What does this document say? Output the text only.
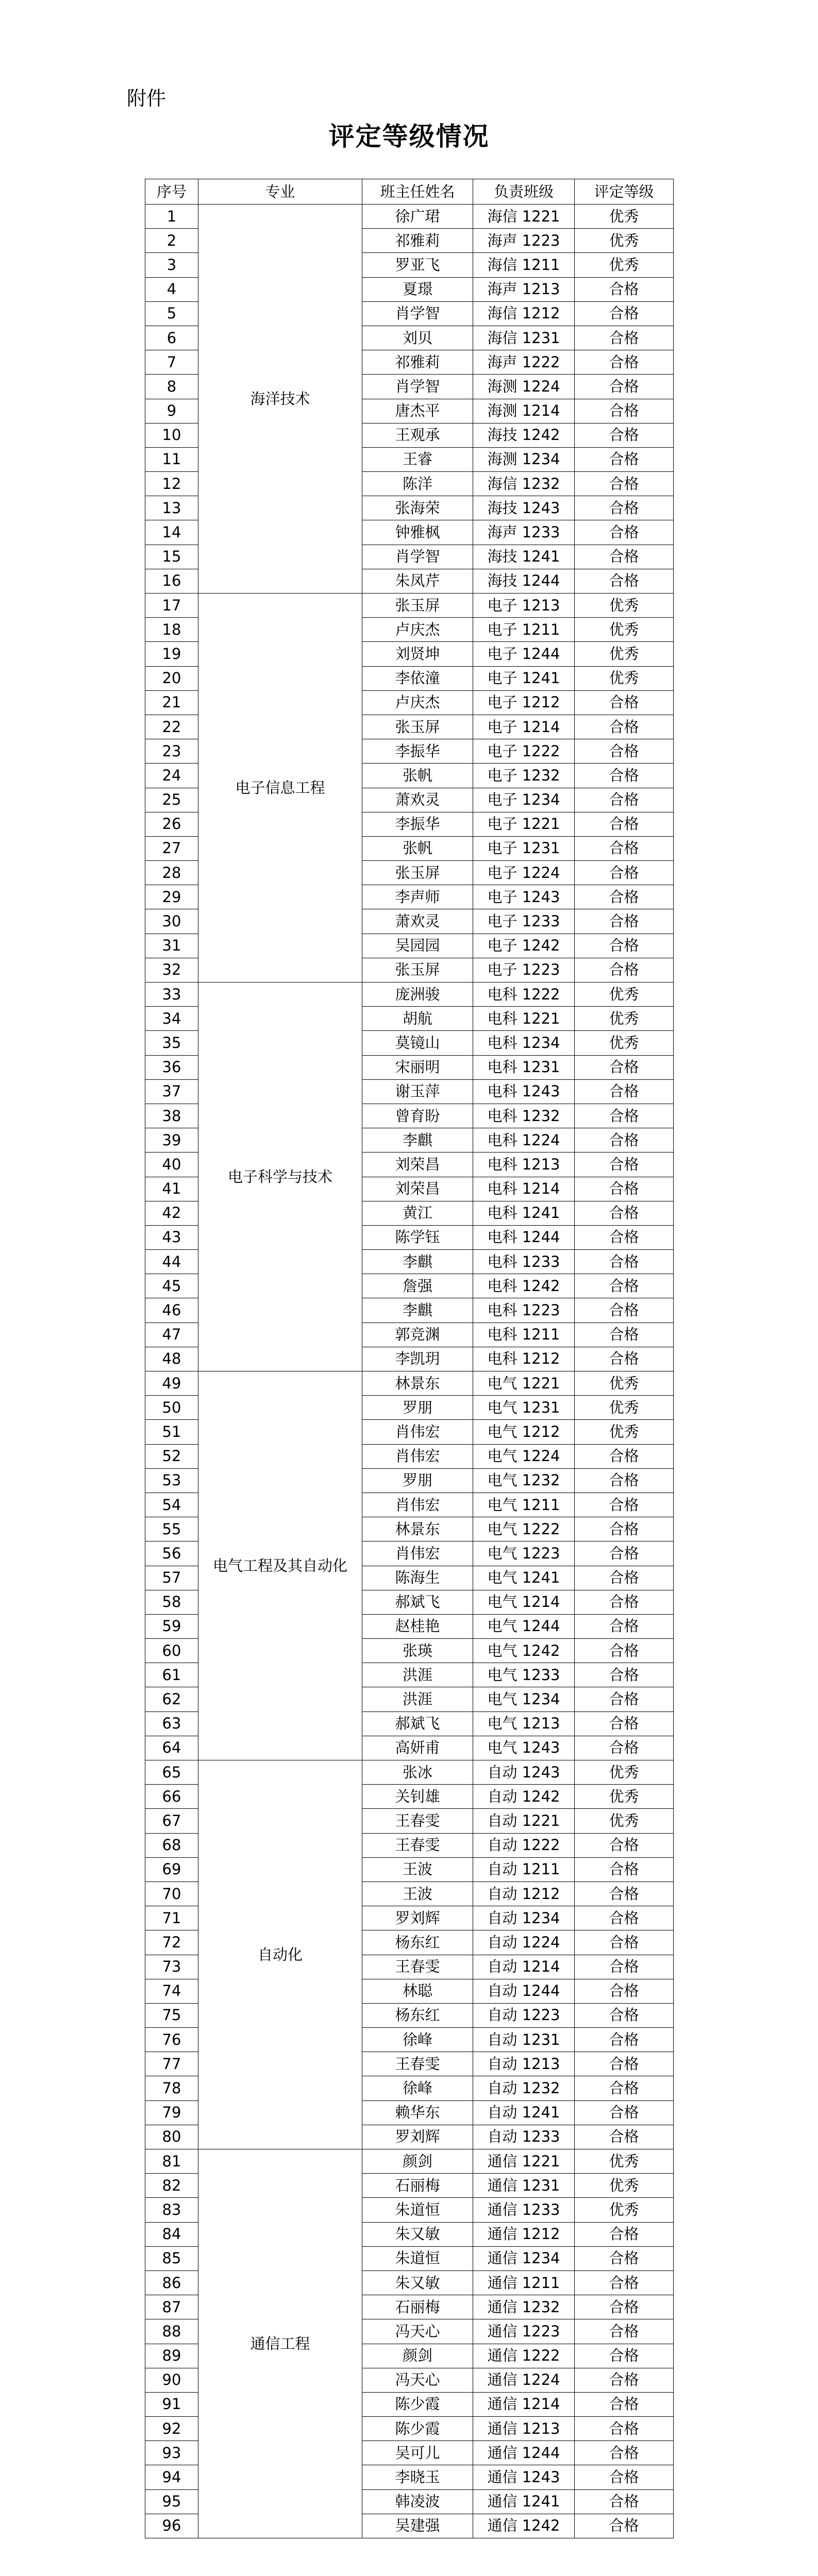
附件
评定等级情况
序号	专业	班主任姓名	负责班级	评定等级
1	海洋技术	徐广珺	海信 1221	优秀
2		祁雅莉	海声 1223	优秀
3		罗亚飞	海信 1211	优秀
4		夏璟	海声 1213	合格
5		肖学智	海信 1212	合格
6		刘贝	海信 1231	合格
7		祁雅莉	海声 1222	合格
8		肖学智	海测 1224	合格
9		唐杰平	海测 1214	合格
10		王观承	海技 1242	合格
11		王睿	海测 1234	合格
12		陈洋	海信 1232	合格
13		张海荣	海技 1243	合格
14		钟雅枫	海声 1233	合格
15		肖学智	海技 1241	合格
16		朱凤芹	海技 1244	合格
17	电子信息工程	张玉屏	电子 1213	优秀
18		卢庆杰	电子 1211	优秀
19		刘贤坤	电子 1244	优秀
20		李依潼	电子 1241	优秀
21		卢庆杰	电子 1212	合格
22		张玉屏	电子 1214	合格
23		李振华	电子 1222	合格
24		张帆	电子 1232	合格
25		萧欢灵	电子 1234	合格
26		李振华	电子 1221	合格
27		张帆	电子 1231	合格
28		张玉屏	电子 1224	合格
29		李声师	电子 1243	合格
30		萧欢灵	电子 1233	合格
31		吴园园	电子 1242	合格
32		张玉屏	电子 1223	合格
33	电子科学与技术	庞洲骏	电科 1222	优秀
34		胡航	电科 1221	优秀
35		莫镜山	电科 1234	优秀
36		宋丽明	电科 1231	合格
37		谢玉萍	电科 1243	合格
38		曾育盼	电科 1232	合格
39		李麒	电科 1224	合格
40		刘荣昌	电科 1213	合格
41		刘荣昌	电科 1214	合格
42		黄江	电科 1241	合格
43		陈学钰	电科 1244	合格
44		李麒	电科 1233	合格
45		詹强	电科 1242	合格
46		李麒	电科 1223	合格
47		郭竞渊	电科 1211	合格
48		李凯玥	电科 1212	合格
49	电气工程及其自动化	林景东	电气 1221	优秀
50		罗朋	电气 1231	优秀
51		肖伟宏	电气 1212	优秀
52		肖伟宏	电气 1224	合格
53		罗朋	电气 1232	合格
54		肖伟宏	电气 1211	合格
55		林景东	电气 1222	合格
56		肖伟宏	电气 1223	合格
57		陈海生	电气 1241	合格
58		郝斌飞	电气 1214	合格
59		赵桂艳	电气 1244	合格
60		张瑛	电气 1242	合格
61		洪涯	电气 1233	合格
62		洪涯	电气 1234	合格
63		郝斌飞	电气 1213	合格
64		高妍甫	电气 1243	合格
65	自动化	张冰	自动 1243	优秀
66		关钊雄	自动 1242	优秀
67		王春雯	自动 1221	优秀
68		王春雯	自动 1222	合格
69		王波	自动 1211	合格
70		王波	自动 1212	合格
71		罗刘辉	自动 1234	合格
72		杨东红	自动 1224	合格
73		王春雯	自动 1214	合格
74		林聪	自动 1244	合格
75		杨东红	自动 1223	合格
76		徐峰	自动 1231	合格
77		王春雯	自动 1213	合格
78		徐峰	自动 1232	合格
79		赖华东	自动 1241	合格
80		罗刘辉	自动 1233	合格
81	通信工程	颜剑	通信 1221	优秀
82		石丽梅	通信 1231	优秀
83		朱道恒	通信 1233	优秀
84		朱又敏	通信 1212	合格
85		朱道恒	通信 1234	合格
86		朱又敏	通信 1211	合格
87		石丽梅	通信 1232	合格
88		冯天心	通信 1223	合格
89		颜剑	通信 1222	合格
90		冯天心	通信 1224	合格
91		陈少霞	通信 1214	合格
92		陈少霞	通信 1213	合格
93		吴可儿	通信 1244	合格
94		李晓玉	通信 1243	合格
95		韩凌波	通信 1241	合格
96		吴建强	通信 1242	合格
